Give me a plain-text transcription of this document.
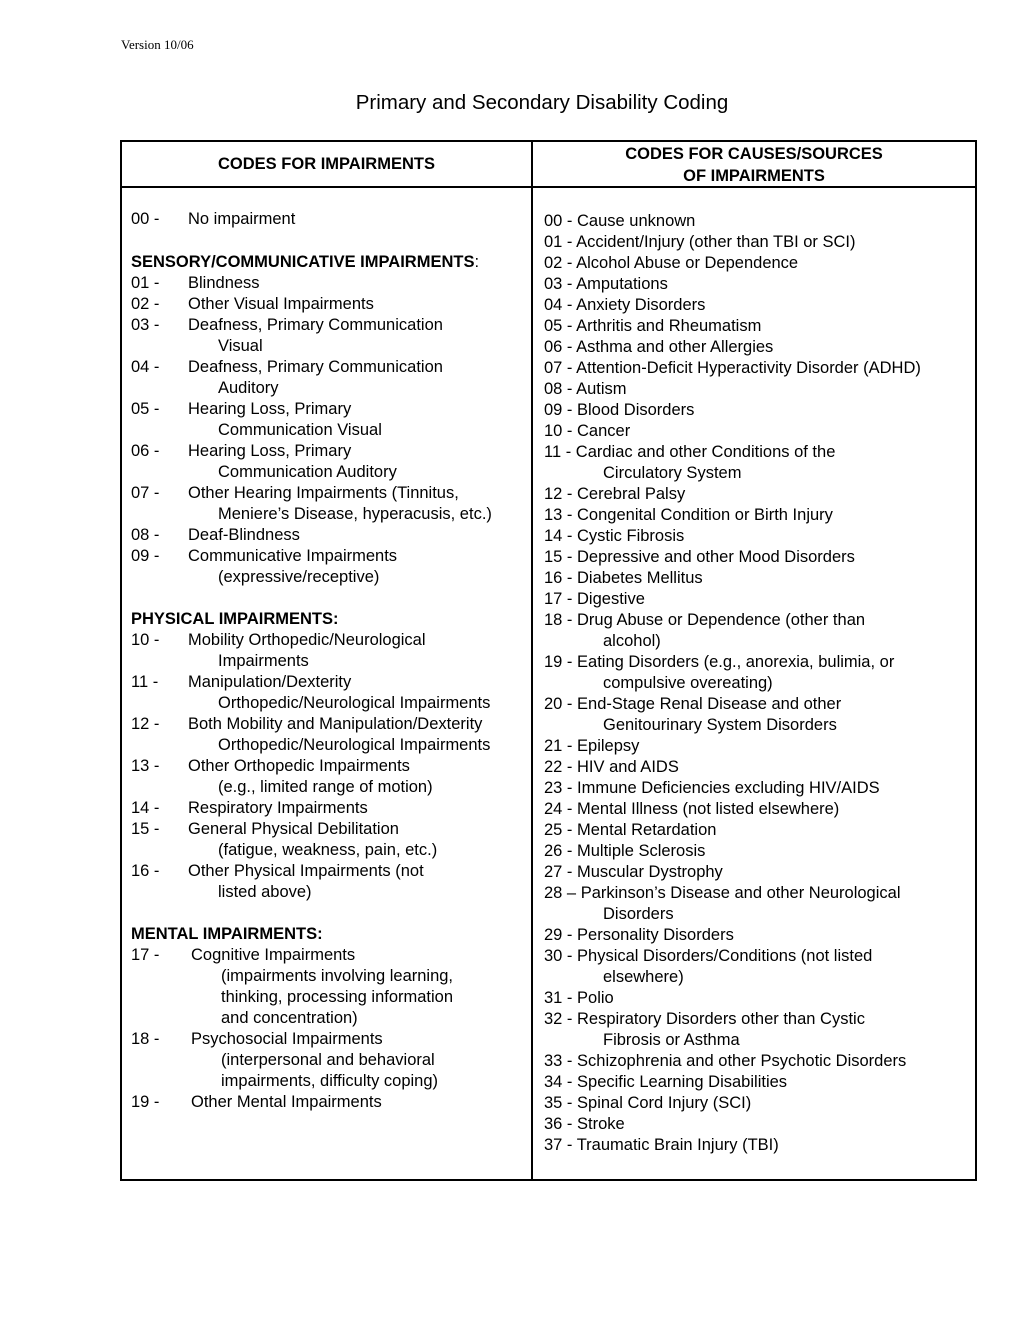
Version 10/06
Primary and Secondary Disability Coding
CODES FOR IMPAIRMENTS
CODES FOR CAUSES/SOURCES
OF IMPAIRMENTS
00 - No impairment
SENSORY/COMMUNICATIVE IMPAIRMENTS:
01 - Blindness
02 - Other Visual Impairments
03 - Deafness, Primary Communication
Visual
04 - Deafness, Primary Communication
Auditory
05 - Hearing Loss, Primary
Communication Visual
06 - Hearing Loss, Primary
Communication Auditory
07 - Other Hearing Impairments (Tinnitus,
Meniere’s Disease, hyperacusis, etc.)
08 - Deaf-Blindness
09 - Communicative Impairments
(expressive/receptive)
PHYSICAL IMPAIRMENTS:
10 - Mobility Orthopedic/Neurological
Impairments
11 - Manipulation/Dexterity
Orthopedic/Neurological Impairments
12 - Both Mobility and Manipulation/Dexterity
Orthopedic/Neurological Impairments
13 - Other Orthopedic Impairments
(e.g., limited range of motion)
14 - Respiratory Impairments
15 - General Physical Debilitation
(fatigue, weakness, pain, etc.)
16 - Other Physical Impairments (not
listed above)
MENTAL IMPAIRMENTS:
17 - Cognitive Impairments
(impairments involving learning,
thinking, processing information
and concentration)
18 - Psychosocial Impairments
(interpersonal and behavioral
impairments, difficulty coping)
19 - Other Mental Impairments
00 - Cause unknown
01 - Accident/Injury (other than TBI or SCI)
02 - Alcohol Abuse or Dependence
03 - Amputations
04 - Anxiety Disorders
05 - Arthritis and Rheumatism
06 - Asthma and other Allergies
07 - Attention-Deficit Hyperactivity Disorder (ADHD)
08 - Autism
09 - Blood Disorders
10 - Cancer
11 - Cardiac and other Conditions of the
Circulatory System
12 - Cerebral Palsy
13 - Congenital Condition or Birth Injury
14 - Cystic Fibrosis
15 - Depressive and other Mood Disorders
16 - Diabetes Mellitus
17 - Digestive
18 - Drug Abuse or Dependence (other than
alcohol)
19 - Eating Disorders (e.g., anorexia, bulimia, or
compulsive overeating)
20 - End-Stage Renal Disease and other
Genitourinary System Disorders
21 - Epilepsy
22 - HIV and AIDS
23 - Immune Deficiencies excluding HIV/AIDS
24 - Mental Illness (not listed elsewhere)
25 - Mental Retardation
26 - Multiple Sclerosis
27 - Muscular Dystrophy
28 – Parkinson’s Disease and other Neurological
Disorders
29 - Personality Disorders
30 - Physical Disorders/Conditions (not listed
elsewhere)
31 - Polio
32 - Respiratory Disorders other than Cystic
Fibrosis or Asthma
33 - Schizophrenia and other Psychotic Disorders
34 - Specific Learning Disabilities
35 - Spinal Cord Injury (SCI)
36 - Stroke
37 - Traumatic Brain Injury (TBI)
